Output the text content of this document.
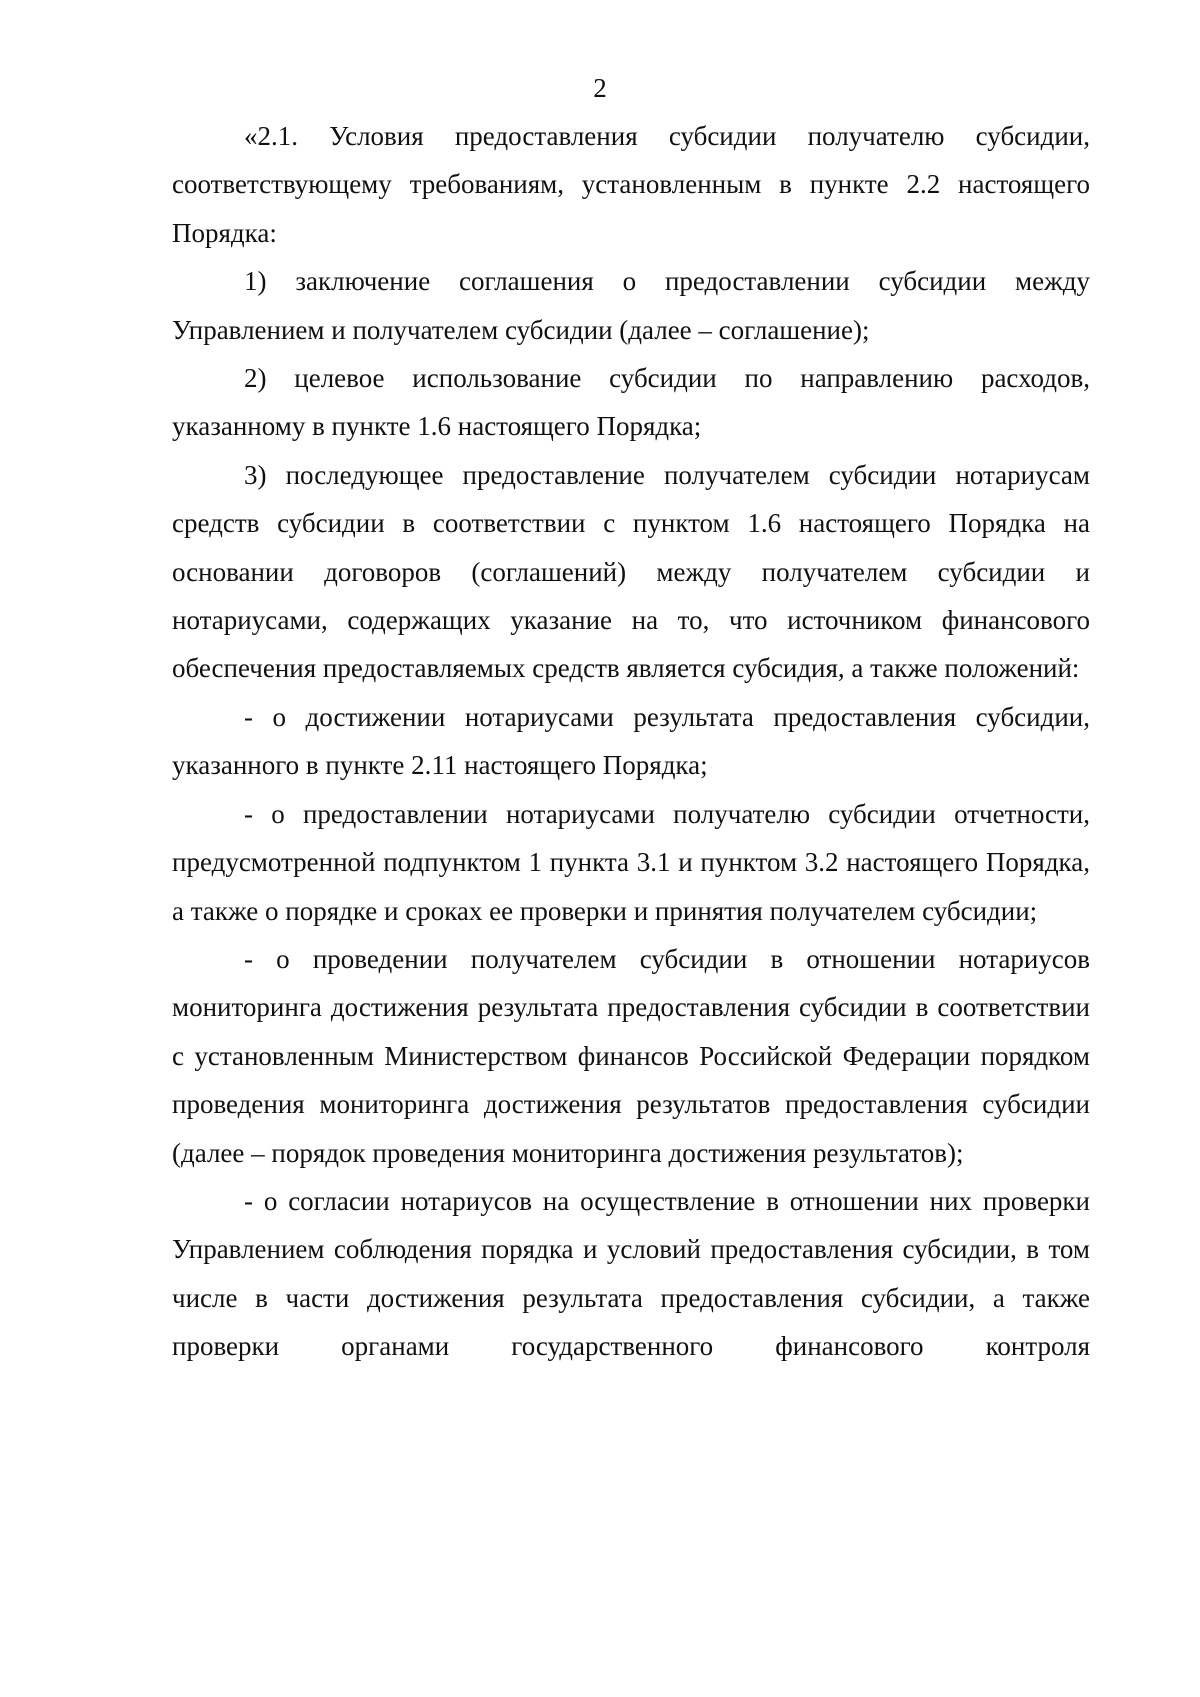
2

«2.1. Условия предоставления субсидии получателю субсидии, соответствующему требованиям, установленным в пункте 2.2 настоящего Порядка:

1) заключение соглашения о предоставлении субсидии между Управлением и получателем субсидии (далее – соглашение);

2) целевое использование субсидии по направлению расходов, указанному в пункте 1.6 настоящего Порядка;

3) последующее предоставление получателем субсидии нотариусам средств субсидии в соответствии с пунктом 1.6 настоящего Порядка на основании договоров (соглашений) между получателем субсидии и нотариусами, содержащих указание на то, что источником финансового обеспечения предоставляемых средств является субсидия, а также положений:

- о достижении нотариусами результата предоставления субсидии, указанного в пункте 2.11 настоящего Порядка;

- о предоставлении нотариусами получателю субсидии отчетности, предусмотренной подпунктом 1 пункта 3.1 и пунктом 3.2 настоящего Порядка, а также о порядке и сроках ее проверки и принятия получателем субсидии;

- о проведении получателем субсидии в отношении нотариусов мониторинга достижения результата предоставления субсидии в соответствии с установленным Министерством финансов Российской Федерации порядком проведения мониторинга достижения результатов предоставления субсидии (далее – порядок проведения мониторинга достижения результатов);

- о согласии нотариусов на осуществление в отношении них проверки Управлением соблюдения порядка и условий предоставления субсидии, в том числе в части достижения результата предоставления субсидии, а также проверки органами государственного финансового контроля
